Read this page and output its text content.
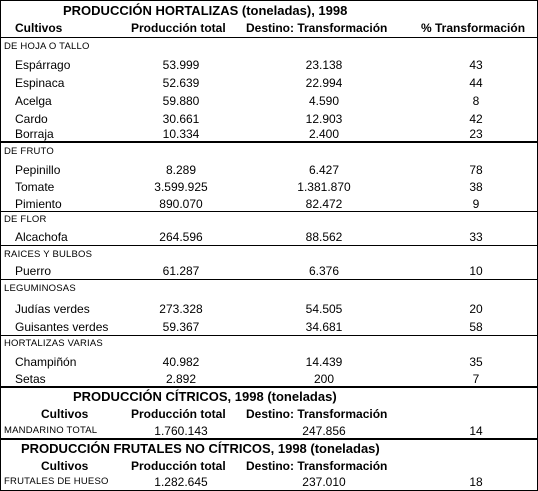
PRODUCCIÓN HORTALIZAS (toneladas), 1998
Cultivos	Producción total Destino: Transformación	% Transformación
DE HOJA O TALLO
Espárrago	53.999	23.138	43
Espinaca	52.639	22.994	44
Acelga	59.880	4.590	8
Cardo	30.661	12.903	42
Borraja	10.334	2.400	23
DE FRUTO
Pepinillo	8.289	6.427	78
Tomate	3.599.925	1.381.870	38
Pimiento	890.070	82.472	9
DE FLOR
Alcachofa	264.596	88.562	33
RAICES Y BULBOS
Puerro	61.287	6.376	10
LEGUMINOSAS
Judías verdes	273.328	54.505	20
Guisantes verdes	59.367	34.681	58
HORTALIZAS VARIAS
Champiñón	40.982	14.439	35
Setas	2.892	200	7
PRODUCCIÓN CÍTRICOS, 1998 (toneladas)
Cultivos	Producción total Destino: Transformación
MANDARINO TOTAL	1.760.143	247.856	14
PRODUCCIÓN FRUTALES NO CÍTRICOS, 1998 (toneladas)
Cultivos	Producción total Destino: Transformación
FRUTALES DE HUESO	1.282.645	237.010	18
